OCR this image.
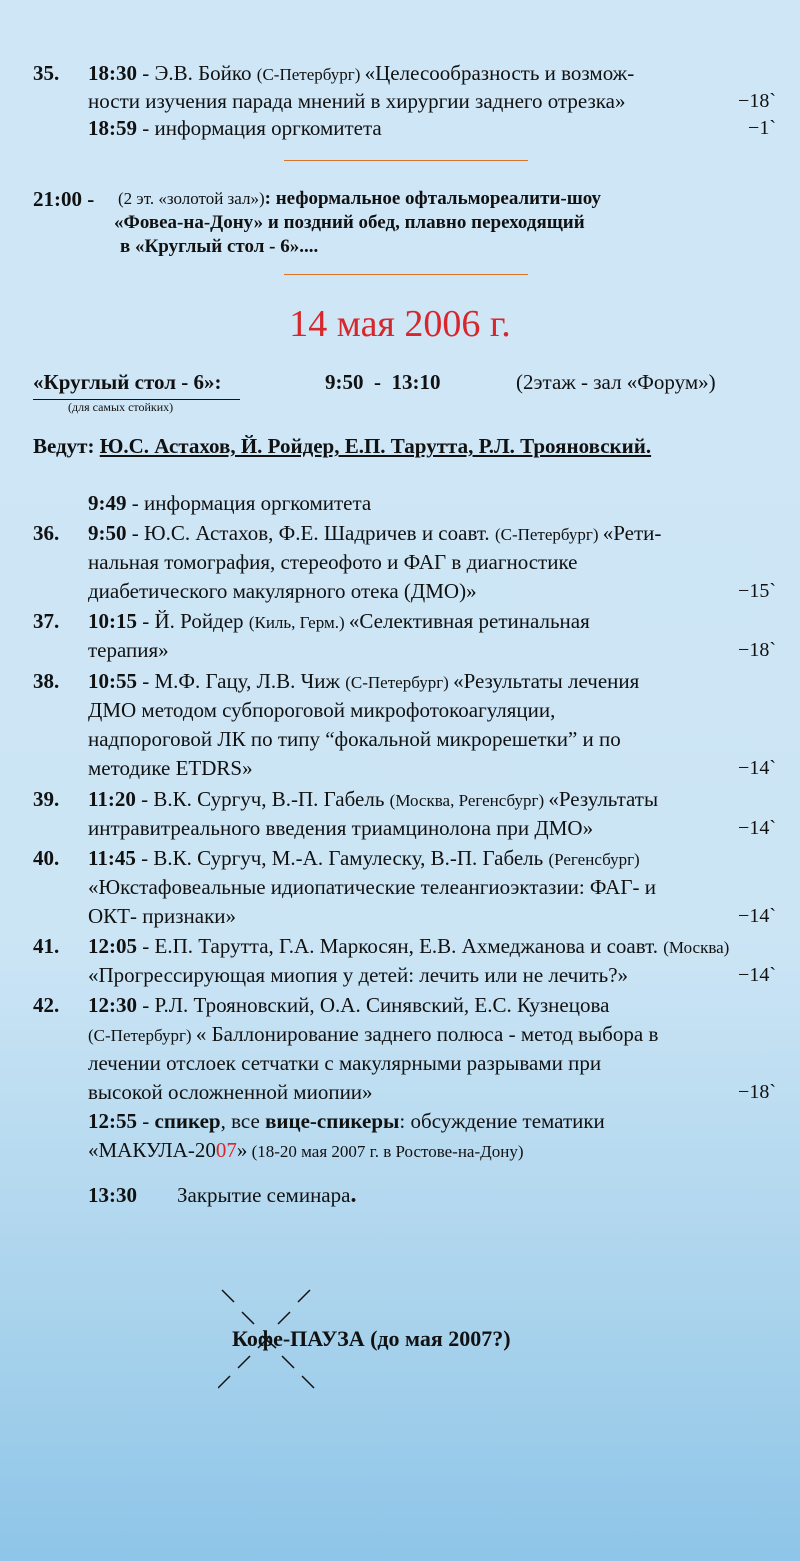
35. 18:30 - Э.В. Бойко (С-Петербург) «Целесообразность и возмож-
ности изучения парада мнений в хирургии заднего отрезка»	−18`
18:59 - информация оргкомитета	−1`
21:00 - (2 эт. «золотой зал»): неформальное офтальмореалити-шоу
«Фовеа-на-Дону» и поздний обед, плавно переходящий
в «Круглый стол - 6»....
14 мая 2006 г.
«Круглый стол - 6»:
(для самых стойких)
9:50  -  13:10	(2этаж - зал «Форум»)
Ведут: Ю.С. Астахов, Й. Ройдер, Е.П. Тарутта, Р.Л. Трояновский.
9:49 - информация оргкомитета
36. 9:50 - Ю.С. Астахов, Ф.Е. Шадричев и соавт. (С-Петербург) «Рети-
нальная томография, стереофото и ФАГ в диагностике
диабетического макулярного отека (ДМО)»	−15`
37. 10:15 - Й. Ройдер (Киль, Герм.) «Селективная ретинальная
терапия»	−18`
38. 10:55 - М.Ф. Гацу, Л.В. Чиж (С-Петербург) «Результаты лечения
ДМО методом субпороговой микрофотокоагуляции,
надпороговой ЛК по типу “фокальной микрорешетки” и по
методике ETDRS»	−14`
39. 11:20 - В.К. Сургуч, В.-П. Габель (Москва, Регенсбург) «Результаты
интравитреального введения триамцинолона при ДМО»	−14`
40. 11:45 - В.К. Сургуч, М.-А. Гамулеску, В.-П. Габель (Регенсбург)
«Юкстафовеальные идиопатические телеангиоэктазии: ФАГ- и
ОКТ- признаки»	−14`
41. 12:05 - Е.П. Тарутта, Г.А. Маркосян, Е.В. Ахмеджанова и соавт. (Москва)
«Прогрессирующая миопия у детей: лечить или не лечить?»	−14`
42. 12:30 - Р.Л. Трояновский, О.А. Синявский, Е.С. Кузнецова
(С-Петербург) « Баллонирование заднего полюса - метод выбора в
лечении отслоек сетчатки с макулярными разрывами при
высокой осложненной миопии»	−18`
12:55 - спикер, все вице-спикеры: обсуждение тематики
«МАКУЛА-2007» (18-20 мая 2007 г. в Ростове-на-Дону)
13:30 Закрытие семинара.
Кофе-ПАУЗА (до мая 2007?)
